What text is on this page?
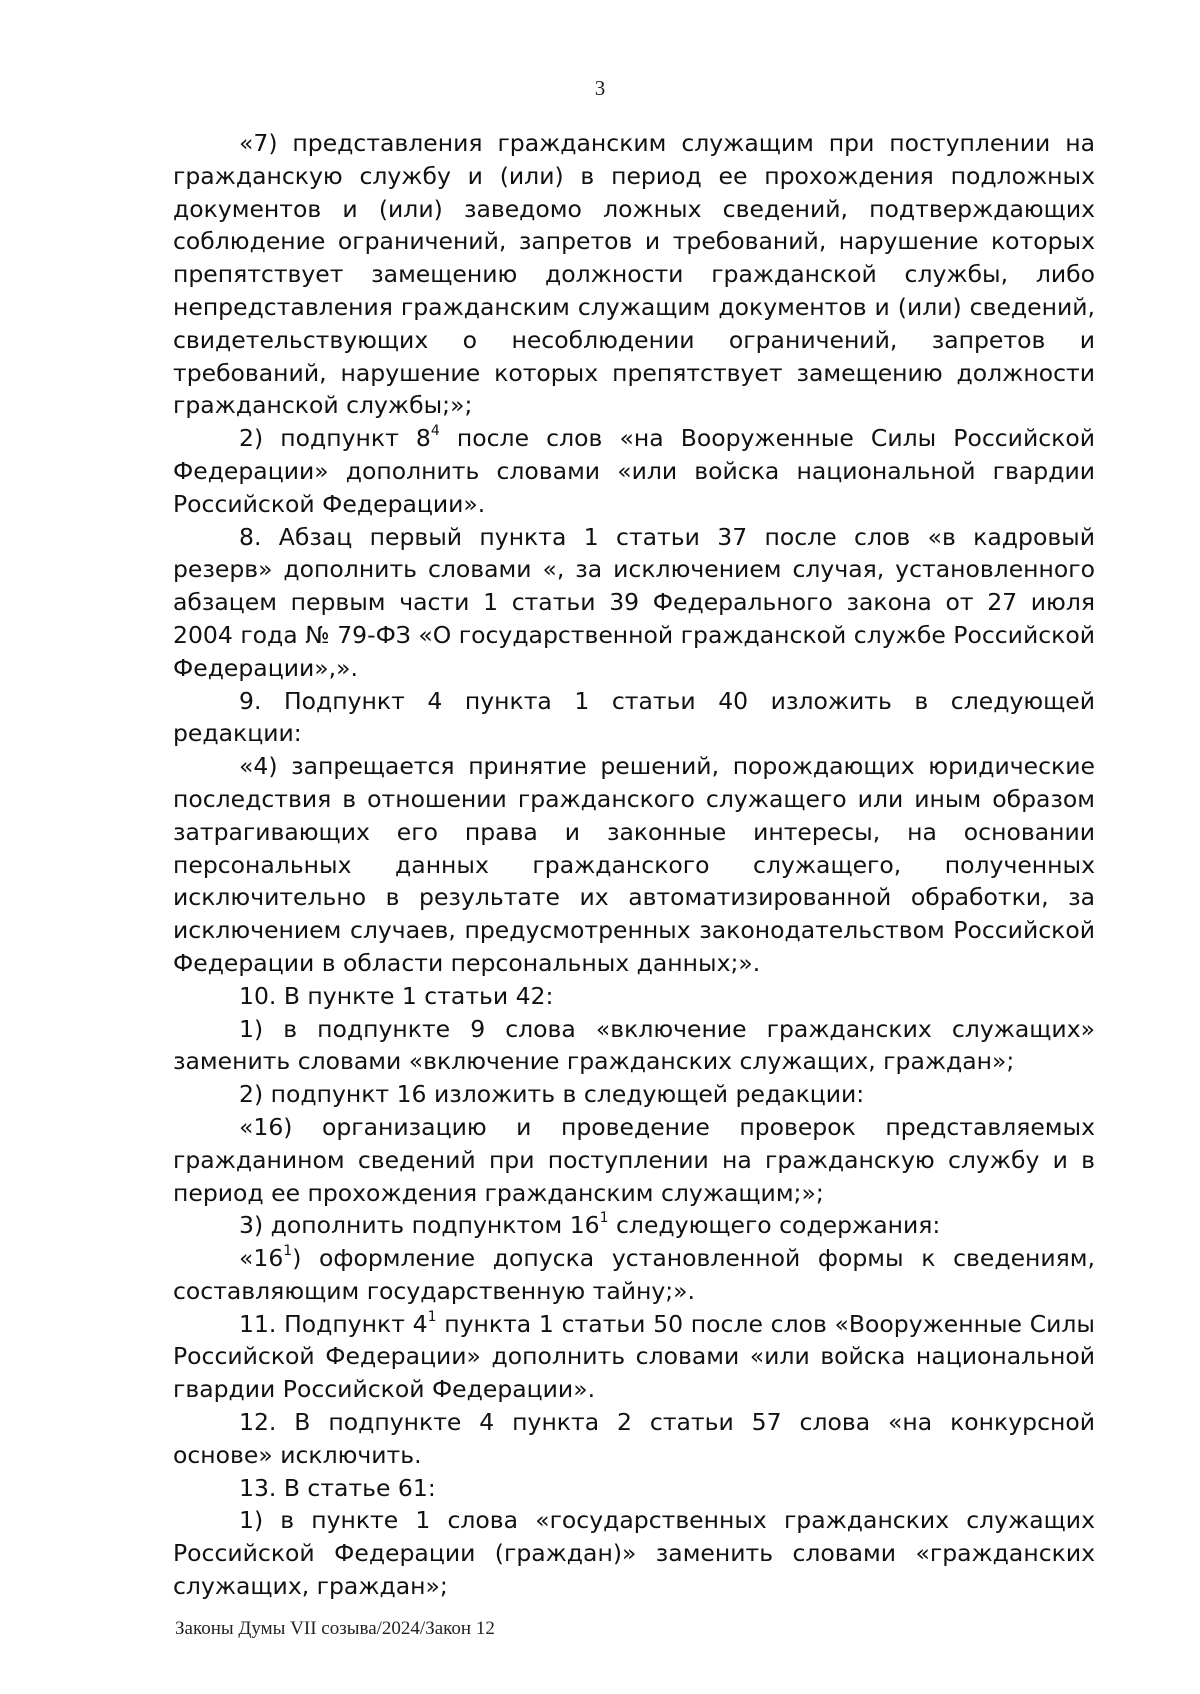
3

«7) представления гражданским служащим при поступлении на гражданскую службу и (или) в период ее прохождения подложных документов и (или) заведомо ложных сведений, подтверждающих соблюдение ограничений, запретов и требований, нарушение которых препятствует замещению должности гражданской службы, либо непредставления гражданским служащим документов и (или) сведений, свидетельствующих о несоблюдении ограничений, запретов и требований, нарушение которых препятствует замещению должности гражданской службы;»;

2) подпункт $8^4$ после слов «на Вооруженные Силы Российской Федерации» дополнить словами «или войска национальной гвардии Российской Федерации».

8. Абзац первый пункта 1 статьи 37 после слов «в кадровый резерв» дополнить словами «, за исключением случая, установленного абзацем первым части 1 статьи 39 Федерального закона от 27 июля 2004 года № 79-ФЗ «О государственной гражданской службе Российской Федерации»,».

9. Подпункт 4 пункта 1 статьи 40 изложить в следующей редакции:

«4) запрещается принятие решений, порождающих юридические последствия в отношении гражданского служащего или иным образом затрагивающих его права и законные интересы, на основании персональных данных гражданского служащего, полученных исключительно в результате их автоматизированной обработки, за исключением случаев, предусмотренных законодательством Российской Федерации в области персональных данных;».

10. В пункте 1 статьи 42:

1) в подпункте 9 слова «включение гражданских служащих» заменить словами «включение гражданских служащих, граждан»;

2) подпункт 16 изложить в следующей редакции:

«16) организацию и проведение проверок представляемых гражданином сведений при поступлении на гражданскую службу и в период ее прохождения гражданским служащим;»;

3) дополнить подпунктом $16^1$ следующего содержания:

«$16^1$) оформление допуска установленной формы к сведениям, составляющим государственную тайну;».

11. Подпункт $4^1$ пункта 1 статьи 50 после слов «Вооруженные Силы Российской Федерации» дополнить словами «или войска национальной гвардии Российской Федерации».

12. В подпункте 4 пункта 2 статьи 57 слова «на конкурсной основе» исключить.

13. В статье 61:

1) в пункте 1 слова «государственных гражданских служащих Российской Федерации (граждан)» заменить словами «гражданских служащих, граждан»;

Законы Думы VII созыва/2024/Закон 12
